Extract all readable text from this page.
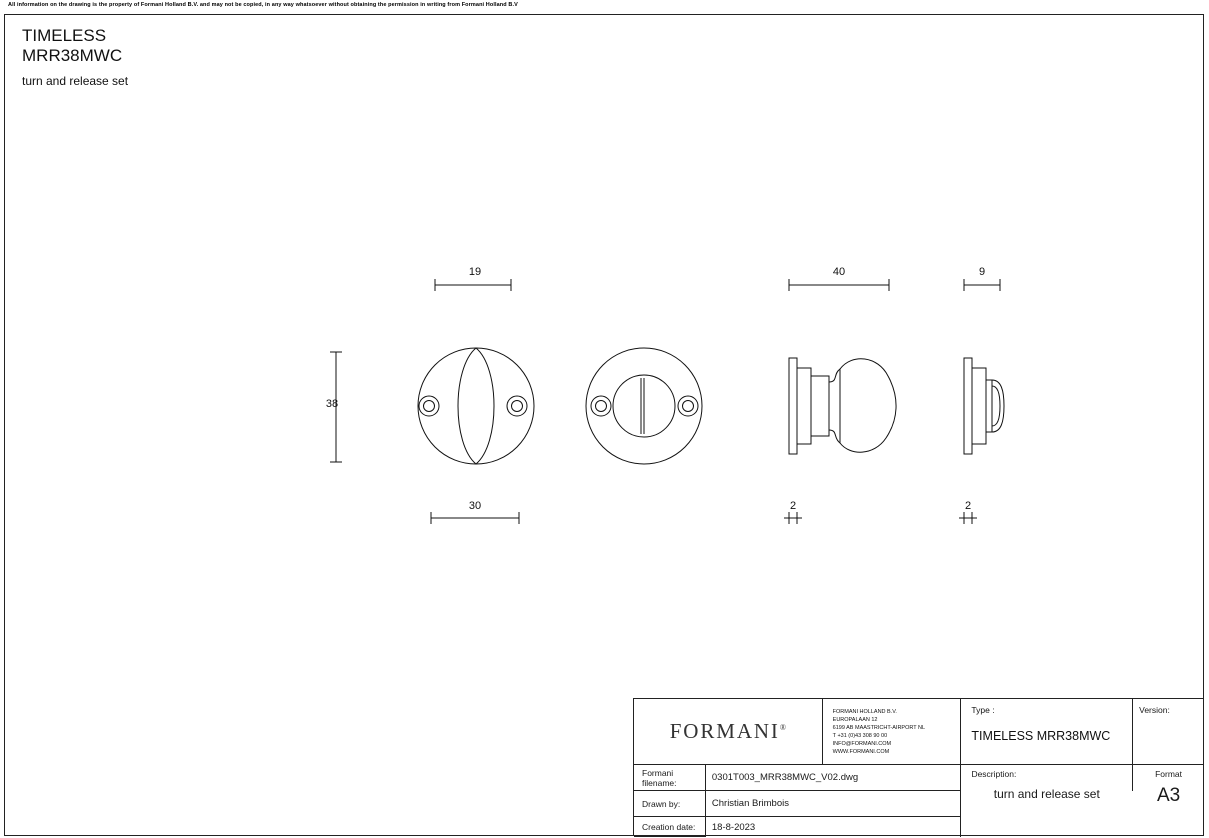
All information on the drawing is the property of Formani Holland B.V. and may not be copied, in any way whatsoever without obtaining the permission in writing from Formani Holland B.V
TIMELESS
MRR38MWC
turn and release set
19
38
30
40
2
9
2
FORMANI®
FORMANI HOLLAND B.V.
EUROPALAAN 12
6199 AB MAASTRICHT-AIRPORT NL
T +31 (0)43 308 90 00
INFO@FORMANI.COM
WWW.FORMANI.COM
Type :
TIMELESS MRR38MWC
Version:
Formani filename:	0301T003_MRR38MWC_V02.dwg	Description:
turn and release set
Format
A3
Drawn by:	Christian Brimbois
Creation date:	18-8-2023
